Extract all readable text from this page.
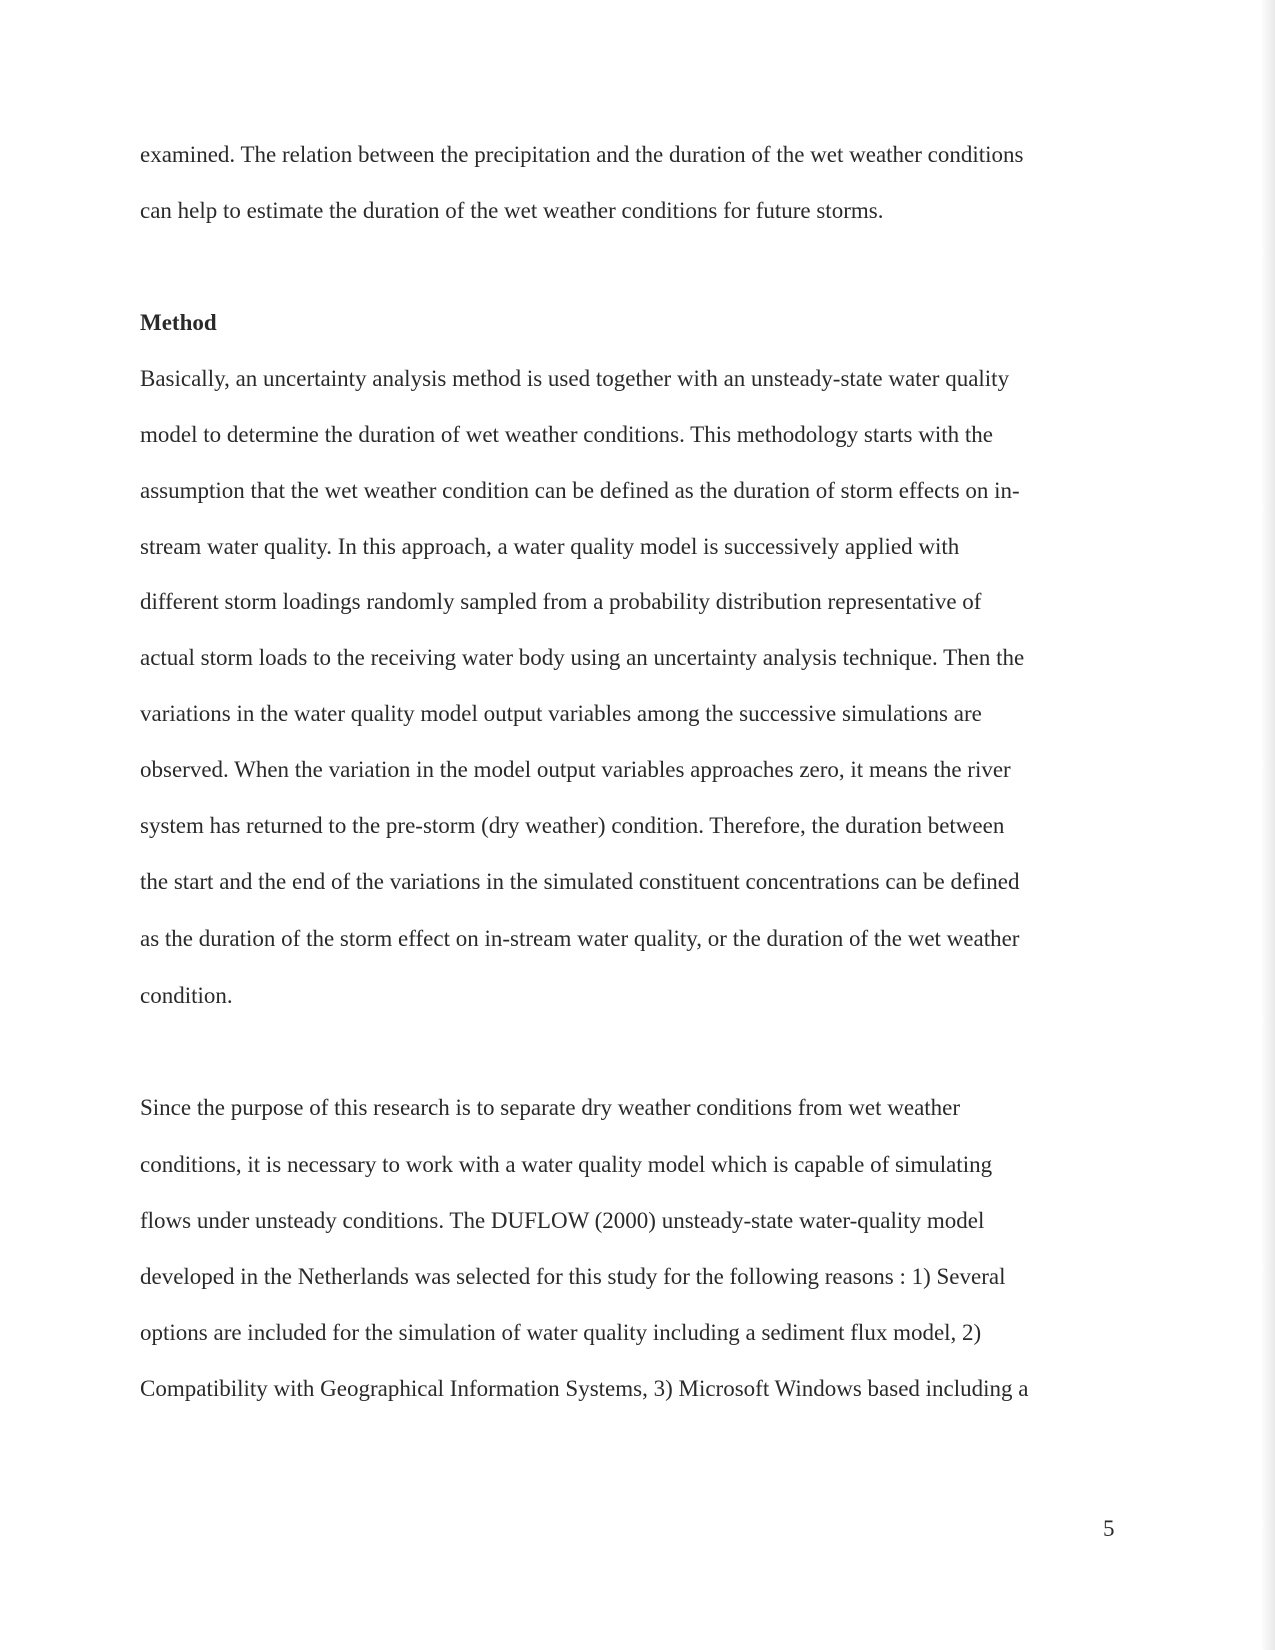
examined. The relation between the precipitation and the duration of the wet weather conditions

can help to estimate the duration of the wet weather conditions for future storms.

Method

Basically, an uncertainty analysis method is used together with an unsteady-state water quality

model to determine the duration of wet weather conditions. This methodology starts with the

assumption that the wet weather condition can be defined as the duration of storm effects on in-

stream water quality. In this approach, a water quality model is successively applied with

different storm loadings randomly sampled from a probability distribution representative of

actual storm loads to the receiving water body using an uncertainty analysis technique. Then the

variations in the water quality model output variables among the successive simulations are

observed. When the variation in the model output variables approaches zero, it means the river

system has returned to the pre-storm (dry weather) condition. Therefore, the duration between

the start and the end of the variations in the simulated constituent concentrations can be defined

as the duration of the storm effect on in-stream water quality, or the duration of the wet weather

condition.

Since the purpose of this research is to separate dry weather conditions from wet weather

conditions, it is necessary to work with a water quality model which is capable of simulating

flows under unsteady conditions. The DUFLOW (2000) unsteady-state water-quality model

developed in the Netherlands was selected for this study for the following reasons : 1) Several

options are included for the simulation of water quality including a sediment flux model, 2)

Compatibility with Geographical Information Systems, 3) Microsoft Windows based including a

5
